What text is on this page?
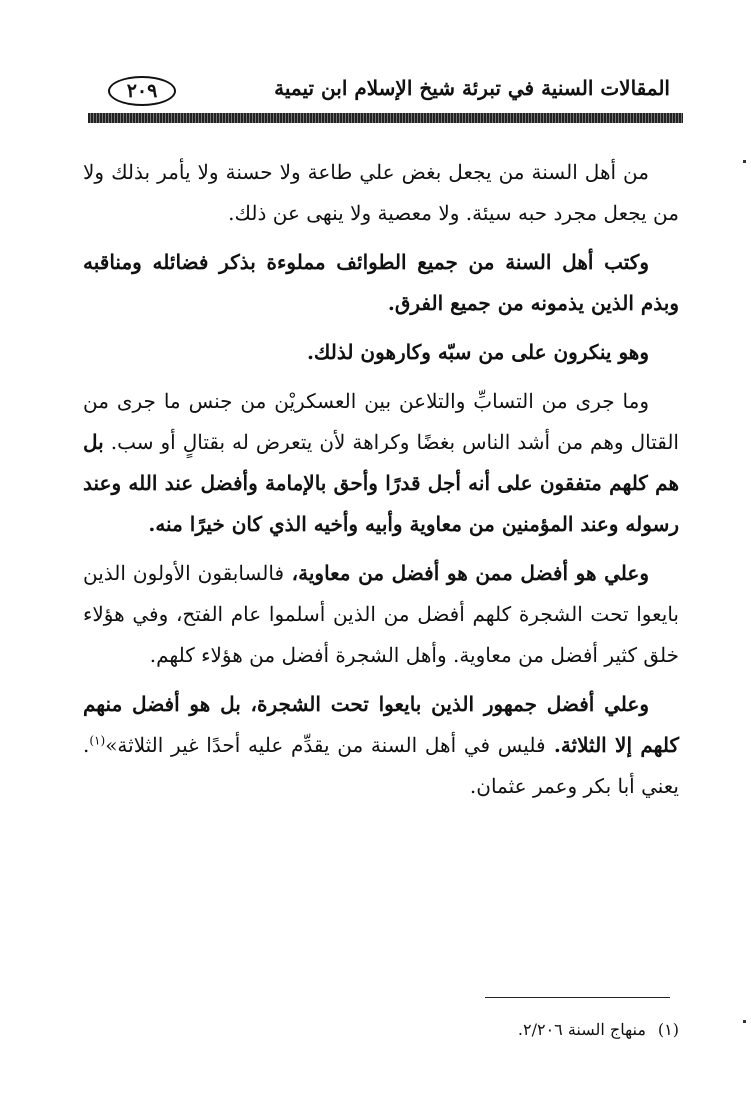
٢٠٩	المقالات السنية في تبرئة شيخ الإسلام ابن تيمية

من أهل السنة من يجعل بغض علي طاعة ولا حسنة ولا يأمر بذلك ولا من يجعل مجرد حبه سيئة. ولا معصية ولا ينهى عن ذلك.

وكتب أهل السنة من جميع الطوائف مملوءة بذكر فضائله ومناقبه وبذم الذين يذمونه من جميع الفرق.

وهو ينكرون على من سبّه وكارهون لذلك.

وما جرى من التسابِّ والتلاعن بين العسكريْن من جنس ما جرى من القتال وهم من أشد الناس بغضًا وكراهة لأن يتعرض له بقتالٍ أو سب. بل هم كلهم متفقون على أنه أجل قدرًا وأحق بالإمامة وأفضل عند الله وعند رسوله وعند المؤمنين من معاوية وأبيه وأخيه الذي كان خيرًا منه.

وعلي هو أفضل ممن هو أفضل من معاوية، فالسابقون الأولون الذين بايعوا تحت الشجرة كلهم أفضل من الذين أسلموا عام الفتح، وفي هؤلاء خلق كثير أفضل من معاوية. وأهل الشجرة أفضل من هؤلاء كلهم.

وعلي أفضل جمهور الذين بايعوا تحت الشجرة، بل هو أفضل منهم كلهم إلا الثلاثة. فليس في أهل السنة من يقدِّم عليه أحدًا غير الثلاثة»$^{(١)}$. يعني أبا بكر وعمر عثمان.

(١)منهاج السنة ٢/٢٠٦.
